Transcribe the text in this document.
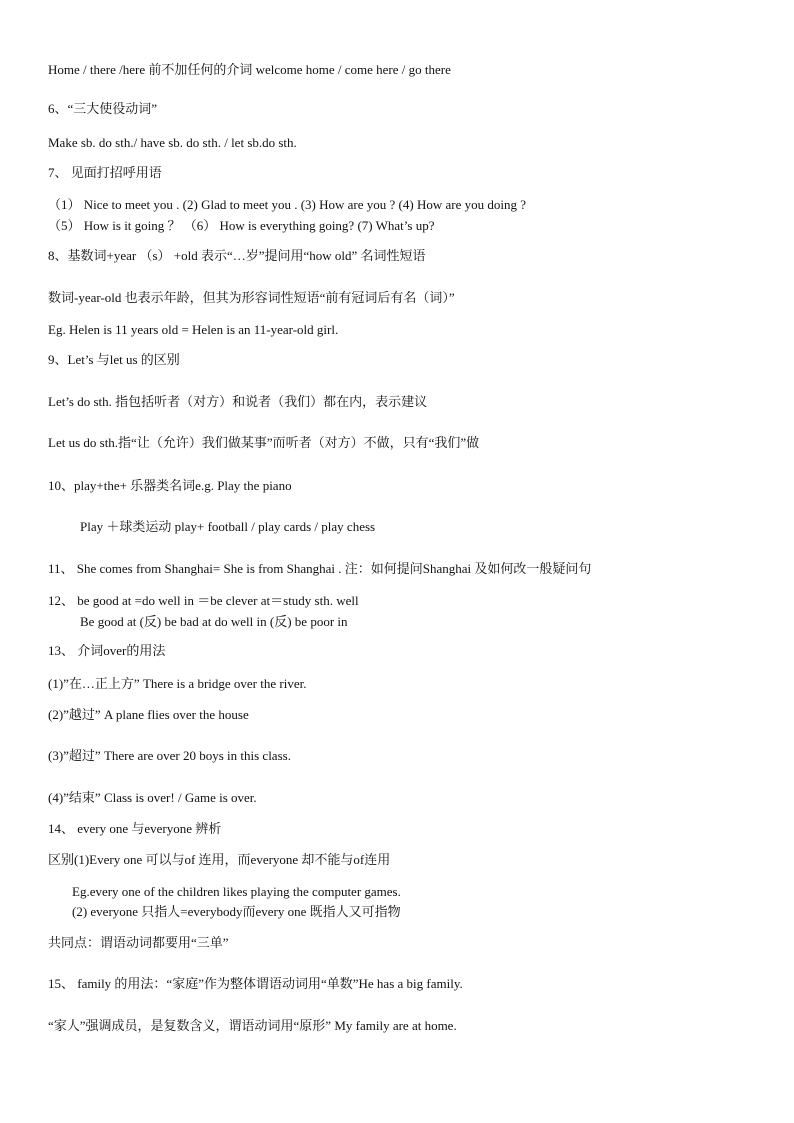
Home / there /here 前不加任何的介词 welcome home / come here / go there
6、“三大使役动词”
Make sb. do sth./ have sb. do sth. / let sb.do sth.
7、 见面打招呼用语
（1） Nice to meet you . (2) Glad to meet you . (3) How are you ? (4) How are you doing ?
（5） How is it going ？ （6） How is everything going? (7) What’s up?
8、基数词+year （s） +old 表示“…岁”提问用“how old” 名词性短语
数词-year-old 也表示年龄，但其为形容词性短语“前有冠词后有名（词）”
Eg. Helen is 11 years old = Helen is an 11-year-old girl.
9、Let’s 与let us 的区别
Let’s do sth. 指包括听者（对方）和说者（我们）都在内，表示建议
Let us do sth.指“让（允许）我们做某事”而听者（对方）不做，只有“我们”做
10、play+the+ 乐器类名词e.g. Play the piano
Play ＋球类运动 play+ football / play cards / play chess
11、 She comes from Shanghai= She is from Shanghai . 注：如何提问Shanghai 及如何改一般疑问句
12、 be good at =do well in ＝be clever at＝study sth. well
Be good at (反) be bad at do well in (反) be poor in
13、 介词over的用法
(1)”在…正上方” There is a bridge over the river.
(2)”越过” A plane flies over the house
(3)”超过” There are over 20 boys in this class.
(4)”结束” Class is over! / Game is over.
14、 every one 与everyone 辨析
区别(1)Every one 可以与of 连用，而everyone 却不能与of连用
Eg.every one of the children likes playing the computer games.
(2) everyone 只指人=everybody而every one 既指人又可指物
共同点：谓语动词都要用“三单”
15、 family 的用法：“家庭”作为整体谓语动词用“单数”He has a big family.
“家人”强调成员，是复数含义，谓语动词用“原形” My family are at home.
